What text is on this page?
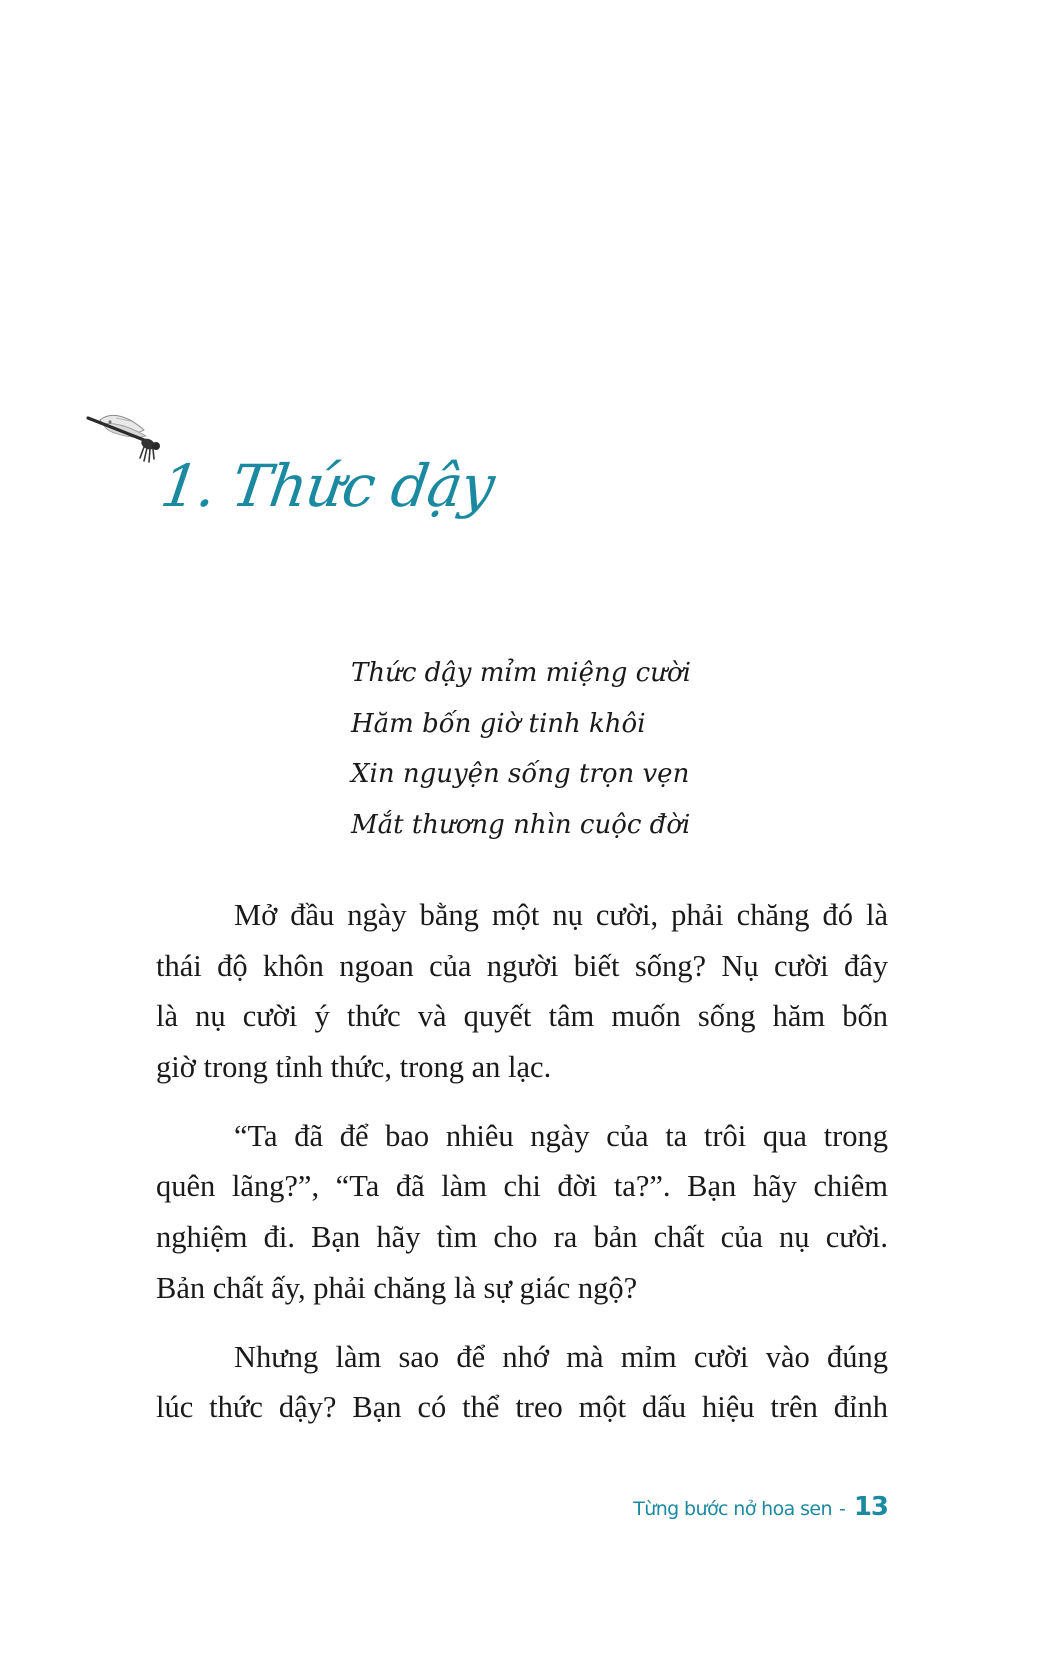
1. Thức dậy
Thức dậy mỉm miệng cười
Hăm bốn giờ tinh khôi
Xin nguyện sống trọn vẹn
Mắt thương nhìn cuộc đời

Mở đầu ngày bằng một nụ cười, phải chăng đó là
thái độ khôn ngoan của người biết sống? Nụ cười đây
là nụ cười ý thức và quyết tâm muốn sống hăm bốn
giờ trong tỉnh thức, trong an lạc.

“Ta đã để bao nhiêu ngày của ta trôi qua trong
quên lãng?”, “Ta đã làm chi đời ta?”. Bạn hãy chiêm
nghiệm đi. Bạn hãy tìm cho ra bản chất của nụ cười.
Bản chất ấy, phải chăng là sự giác ngộ?

Nhưng làm sao để nhớ mà mỉm cười vào đúng
lúc thức dậy? Bạn có thể treo một dấu hiệu trên đỉnh

Từng bước nở hoa sen - 13
